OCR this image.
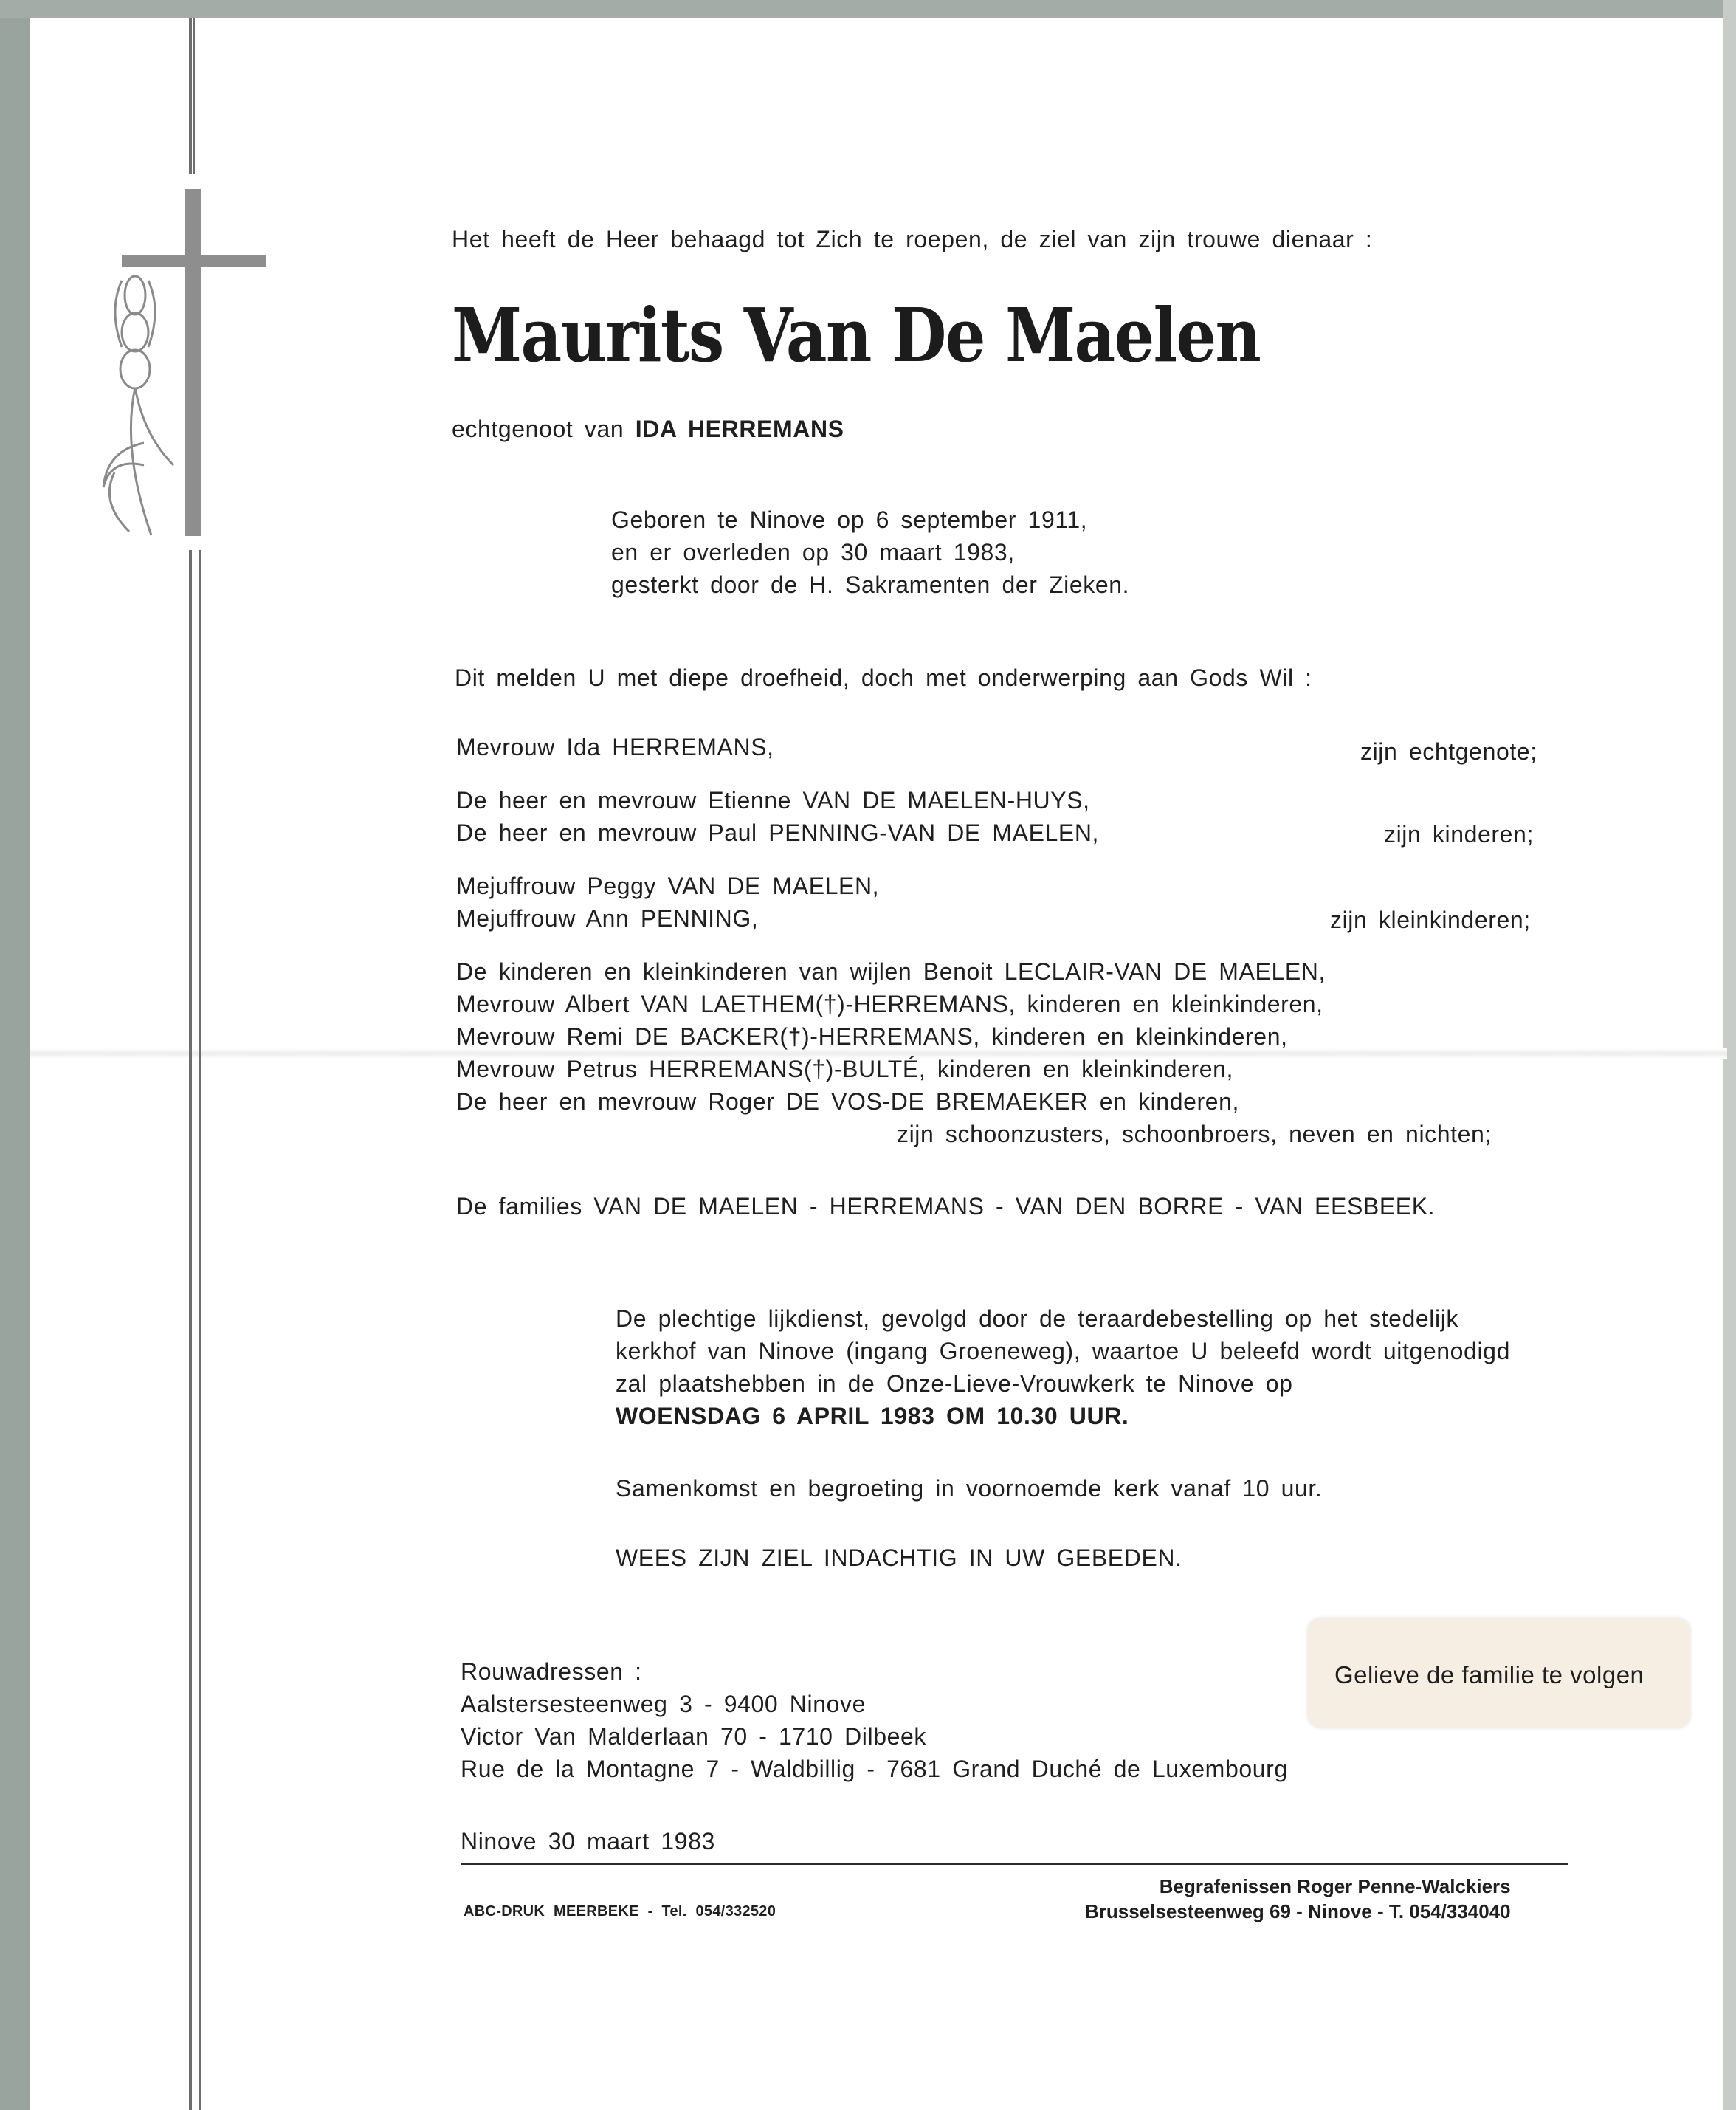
Het heeft de Heer behaagd tot Zich te roepen, de ziel van zijn trouwe dienaar :
Maurits Van De Maelen
echtgenoot van IDA HERREMANS
Geboren te Ninove op 6 september 1911,
en er overleden op 30 maart 1983,
gesterkt door de H. Sakramenten der Zieken.
Dit melden U met diepe droefheid, doch met onderwerping aan Gods Wil :
Mevrouw Ida HERREMANS,	zijn echtgenote;
De heer en mevrouw Etienne VAN DE MAELEN-HUYS,
De heer en mevrouw Paul PENNING-VAN DE MAELEN,	zijn kinderen;
Mejuffrouw Peggy VAN DE MAELEN,
Mejuffrouw Ann PENNING,	zijn kleinkinderen;
De kinderen en kleinkinderen van wijlen Benoit LECLAIR-VAN DE MAELEN,
Mevrouw Albert VAN LAETHEM(†)-HERREMANS, kinderen en kleinkinderen,
Mevrouw Remi DE BACKER(†)-HERREMANS, kinderen en kleinkinderen,
Mevrouw Petrus HERREMANS(†)-BULTÉ, kinderen en kleinkinderen,
De heer en mevrouw Roger DE VOS-DE BREMAEKER en kinderen,
zijn schoonzusters, schoonbroers, neven en nichten;
De families VAN DE MAELEN - HERREMANS - VAN DEN BORRE - VAN EESBEEK.
De plechtige lijkdienst, gevolgd door de teraardebestelling op het stedelijk
kerkhof van Ninove (ingang Groeneweg), waartoe U beleefd wordt uitgenodigd
zal plaatshebben in de Onze-Lieve-Vrouwkerk te Ninove op
WOENSDAG 6 APRIL 1983 OM 10.30 UUR.
Samenkomst en begroeting in voornoemde kerk vanaf 10 uur.
WEES ZIJN ZIEL INDACHTIG IN UW GEBEDEN.
Rouwadressen :
Aalstersesteenweg 3 - 9400 Ninove
Victor Van Malderlaan 70 - 1710 Dilbeek
Rue de la Montagne 7 - Waldbillig - 7681 Grand Duché de Luxembourg
Gelieve de familie te volgen
Ninove 30 maart 1983
ABC-DRUK MEERBEKE - Tel. 054/332520
Begrafenissen Roger Penne-Walckiers
Brusselsesteenweg 69 - Ninove - T. 054/334040
